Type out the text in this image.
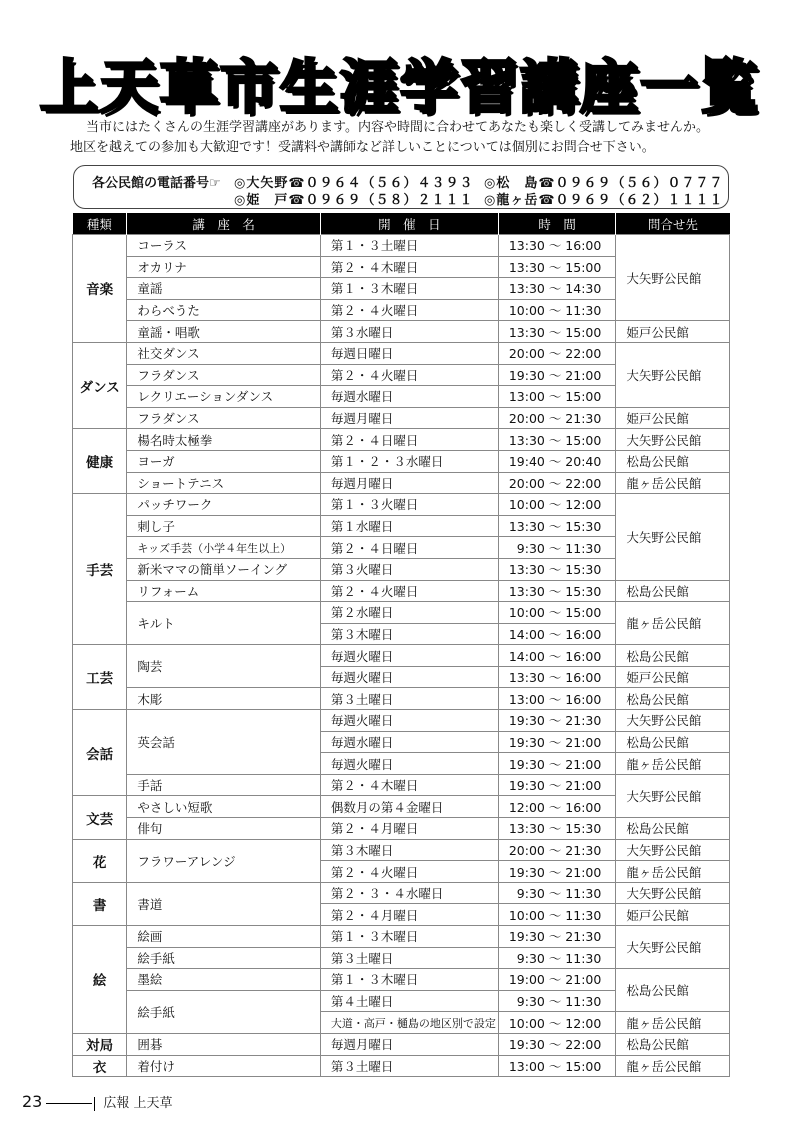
上天草市生涯学習講座一覧
当市にはたくさんの生涯学習講座があります。内容や時間に合わせてあなたも楽しく受講してみませんか。
地区を越えての参加も大歓迎です！受講料や講師など詳しいことについては個別にお問合せ下さい。
各公民館の電話番号☞ ◎大矢野☎０９６４（５６）４３９３ ◎松　島☎０９６９（５６）０７７７
◎姫　戸☎０９６９（５８）２１１１ ◎龍ヶ岳☎０９６９（６２）１１１１
種類	講　座　名	開　催　日	時　間	問合せ先
音楽	コーラス	第１・３土曜日	13:30 ～ 16:00	大矢野公民館
	オカリナ	第２・４木曜日	13:30 ～ 15:00	
	童謡	第１・３木曜日	13:30 ～ 14:30	
	わらべうた	第２・４火曜日	10:00 ～ 11:30	
	童謡・唱歌	第３水曜日	13:30 ～ 15:00	姫戸公民館
ダンス	社交ダンス	毎週日曜日	20:00 ～ 22:00	大矢野公民館
	フラダンス	第２・４火曜日	19:30 ～ 21:00	
	レクリエーションダンス	毎週水曜日	13:00 ～ 15:00	
	フラダンス	毎週月曜日	20:00 ～ 21:30	姫戸公民館
健康	楊名時太極拳	第２・４日曜日	13:30 ～ 15:00	大矢野公民館
	ヨーガ	第１・２・３水曜日	19:40 ～ 20:40	松島公民館
	ショートテニス	毎週月曜日	20:00 ～ 22:00	龍ヶ岳公民館
手芸	パッチワーク	第１・３火曜日	10:00 ～ 12:00	大矢野公民館
	刺し子	第１水曜日	13:30 ～ 15:30	
	キッズ手芸（小学４年生以上）	第２・４日曜日	9:30 ～ 11:30	
	新米ママの簡単ソーイング	第３火曜日	13:30 ～ 15:30	
	リフォーム	第２・４火曜日	13:30 ～ 15:30	松島公民館
	キルト	第２水曜日	10:00 ～ 15:00	龍ヶ岳公民館
		第３木曜日	14:00 ～ 16:00	
工芸	陶芸	毎週火曜日	14:00 ～ 16:00	松島公民館
		毎週火曜日	13:30 ～ 16:00	姫戸公民館
	木彫	第３土曜日	13:00 ～ 16:00	松島公民館
会話	英会話	毎週火曜日	19:30 ～ 21:30	大矢野公民館
		毎週水曜日	19:30 ～ 21:00	松島公民館
		毎週火曜日	19:30 ～ 21:00	龍ヶ岳公民館
	手話	第２・４木曜日	19:30 ～ 21:00	大矢野公民館
文芸	やさしい短歌	偶数月の第４金曜日	12:00 ～ 16:00	
	俳句	第２・４月曜日	13:30 ～ 15:30	松島公民館
花	フラワーアレンジ	第３木曜日	20:00 ～ 21:30	大矢野公民館
		第２・４火曜日	19:30 ～ 21:00	龍ヶ岳公民館
書	書道	第２・３・４水曜日	9:30 ～ 11:30	大矢野公民館
		第２・４月曜日	10:00 ～ 11:30	姫戸公民館
絵	絵画	第１・３木曜日	19:30 ～ 21:30	大矢野公民館
	絵手紙	第３土曜日	9:30 ～ 11:30	
	墨絵	第１・３木曜日	19:00 ～ 21:00	松島公民館
	絵手紙	第４土曜日	9:30 ～ 11:30	
		大道・高戸・樋島の地区別で設定	10:00 ～ 12:00	龍ヶ岳公民館
対局	囲碁	毎週月曜日	19:30 ～ 22:00	松島公民館
衣	着付け	第３土曜日	13:00 ～ 15:00	龍ヶ岳公民館
23	広報 上天草
